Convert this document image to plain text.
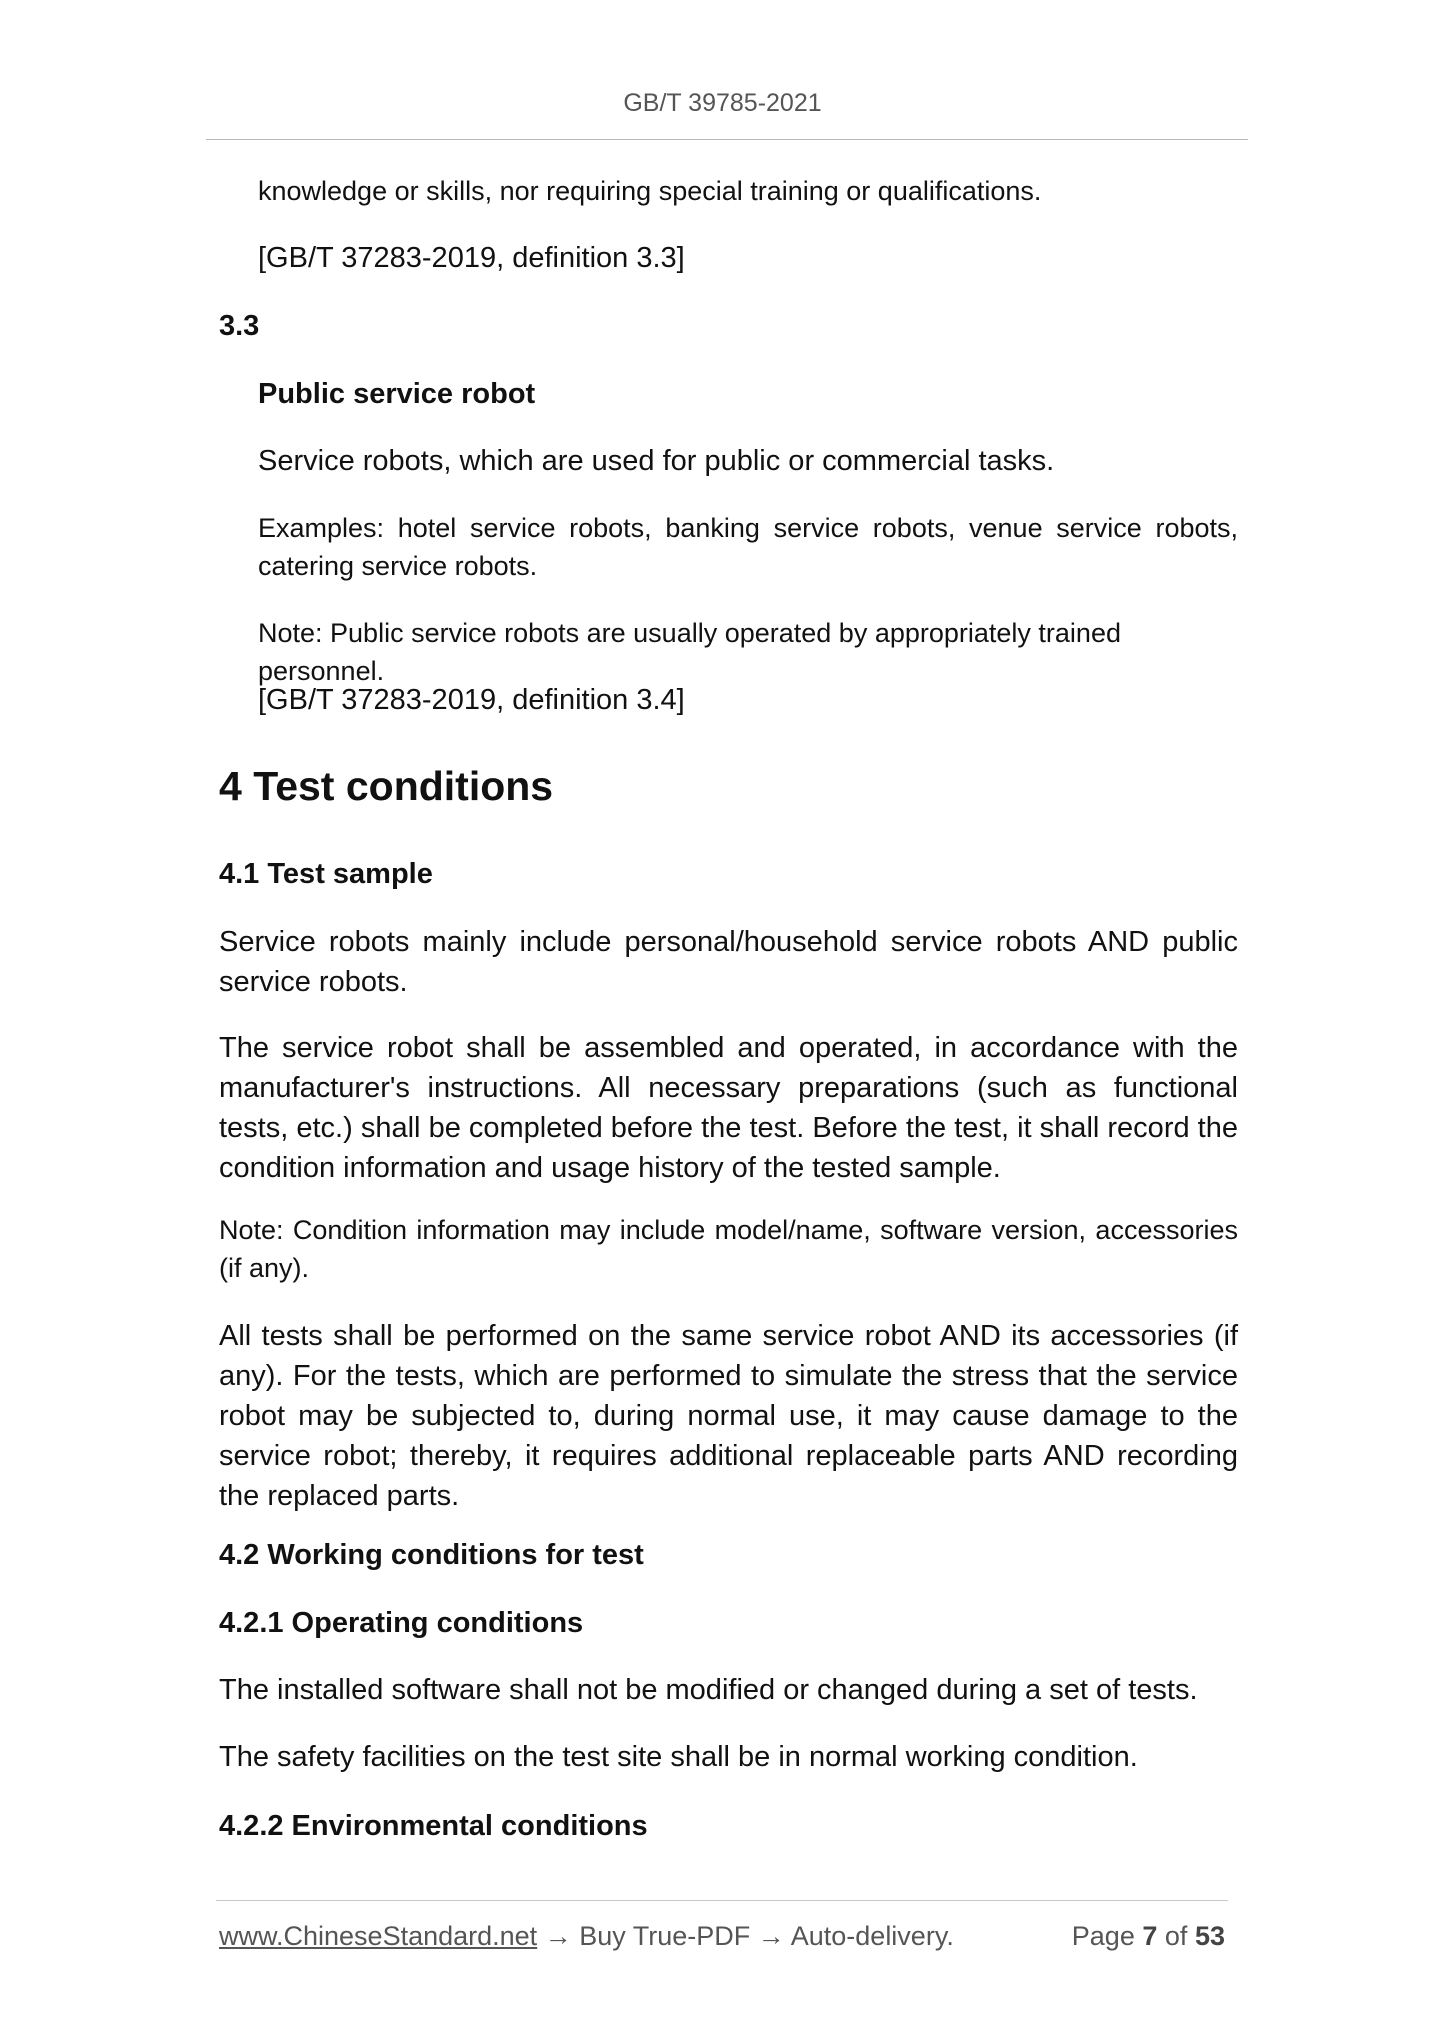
GB/T 39785-2021

knowledge or skills, nor requiring special training or qualifications.

[GB/T 37283-2019, definition 3.3]

3.3

Public service robot

Service robots, which are used for public or commercial tasks.

Examples: hotel service robots, banking service robots, venue service robots, catering service robots.

Note: Public service robots are usually operated by appropriately trained personnel.

[GB/T 37283-2019, definition 3.4]

4 Test conditions

4.1 Test sample

Service robots mainly include personal/household service robots AND public service robots.

The service robot shall be assembled and operated, in accordance with the manufacturer's instructions. All necessary preparations (such as functional tests, etc.) shall be completed before the test. Before the test, it shall record the condition information and usage history of the tested sample.

Note: Condition information may include model/name, software version, accessories (if any).

All tests shall be performed on the same service robot AND its accessories (if any). For the tests, which are performed to simulate the stress that the service robot may be subjected to, during normal use, it may cause damage to the service robot; thereby, it requires additional replaceable parts AND recording the replaced parts.

4.2 Working conditions for test

4.2.1 Operating conditions

The installed software shall not be modified or changed during a set of tests.

The safety facilities on the test site shall be in normal working condition.

4.2.2 Environmental conditions

www.ChineseStandard.net → Buy True-PDF → Auto-delivery.	Page 7 of 53
